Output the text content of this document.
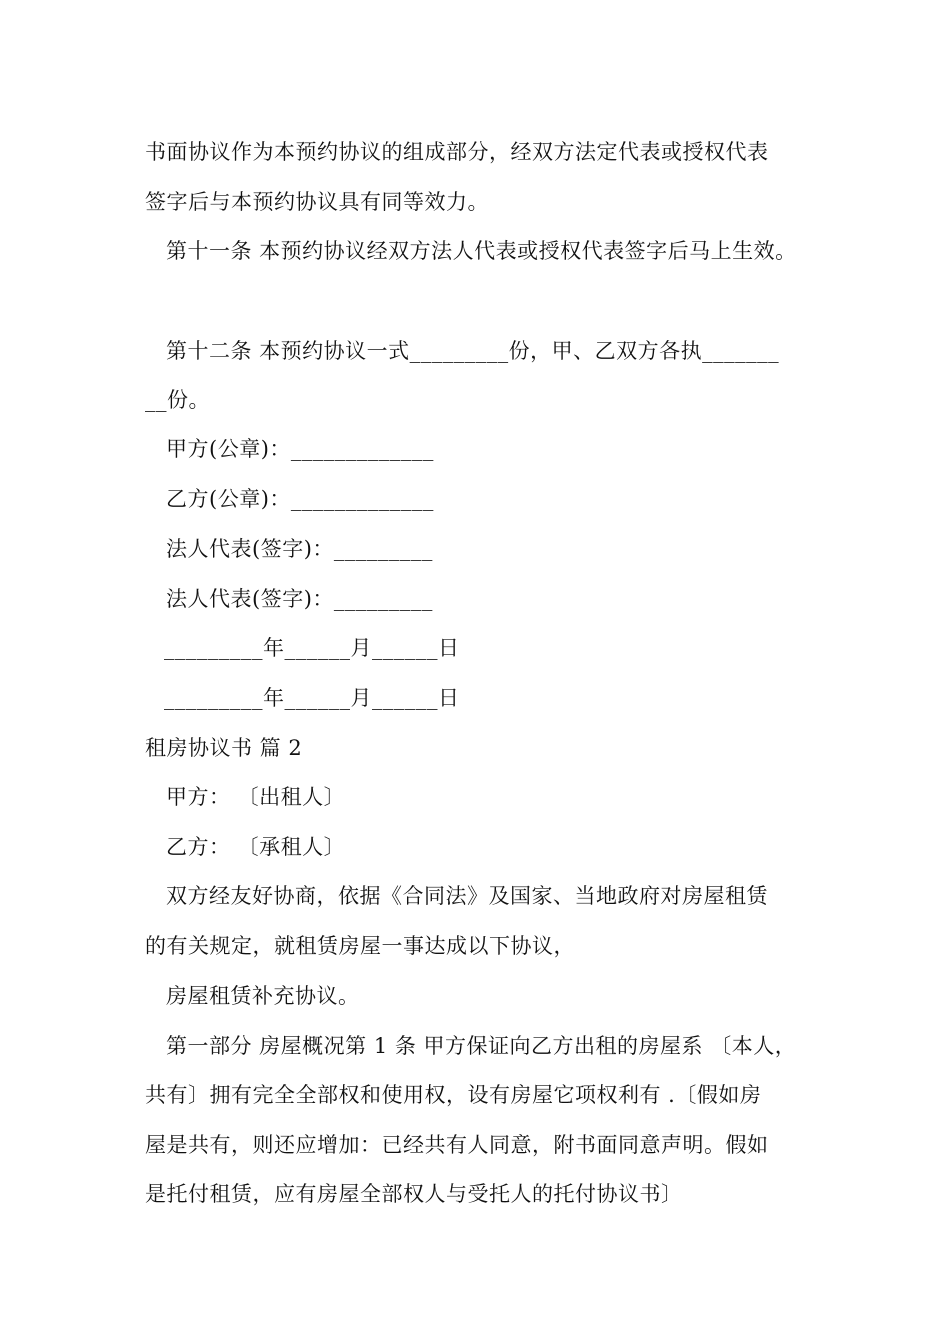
书面协议作为本预约协议的组成部分，经双方法定代表或授权代表
签字后与本预约协议具有同等效力。
第十一条 本预约协议经双方法人代表或授权代表签字后马上生效。
第十二条 本预约协议一式_________份，甲、乙双方各执_______
__份。
甲方(公章)：_____________
乙方(公章)：_____________
法人代表(签字)：_________
法人代表(签字)：_________
_________年______月______日
_________年______月______日
租房协议书 篇 2
甲方： 〔出租人〕
乙方： 〔承租人〕
双方经友好协商，依据《合同法》及国家、当地政府对房屋租赁
的有关规定，就租赁房屋一事达成以下协议，
房屋租赁补充协议。
第一部分 房屋概况第 1 条 甲方保证向乙方出租的房屋系 〔本人，
共有〕拥有完全全部权和使用权，设有房屋它项权利有 .〔假如房
屋是共有，则还应增加：已经共有人同意，附书面同意声明。假如
是托付租赁，应有房屋全部权人与受托人的托付协议书〕
